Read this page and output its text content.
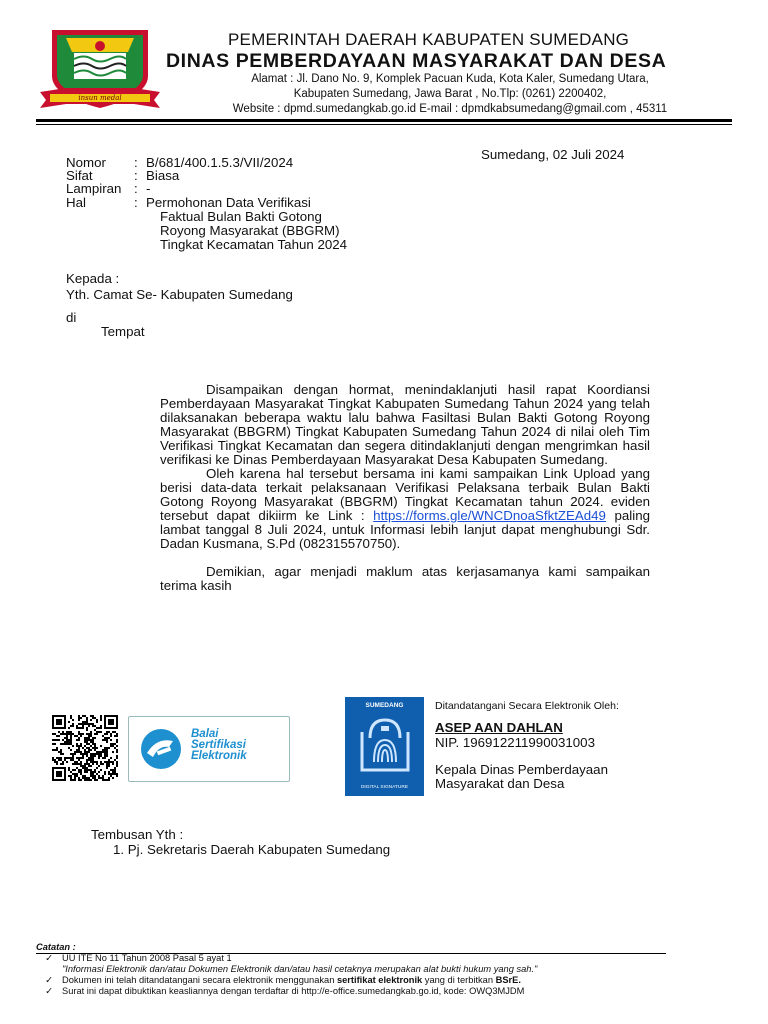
insun medal
PEMERINTAH DAERAH KABUPATEN SUMEDANG
DINAS PEMBERDAYAAN MASYARAKAT DAN DESA
Alamat : Jl. Dano No. 9, Komplek Pacuan Kuda, Kota Kaler, Sumedang Utara,
Kabupaten Sumedang, Jawa Barat , No.Tlp: (0261) 2200402,
Website : dpmd.sumedangkab.go.id E-mail : dpmdkabsumedang@gmail.com , 45311
Sumedang, 02 Juli 2024
Nomor : B/681/400.1.5.3/VII/2024
Sifat	: Biasa
Lampiran : -
Hal	: Permohonan Data Verifikasi
Faktual Bulan Bakti Gotong
Royong Masyarakat (BBGRM)
Tingkat Kecamatan Tahun 2024
Kepada :
Yth. Camat Se- Kabupaten Sumedang
di
Tempat

Disampaikan dengan hormat, menindaklanjuti hasil rapat Koordiansi Pemberdayaan Masyarakat Tingkat Kabupaten Sumedang Tahun 2024 yang telah dilaksanakan beberapa waktu lalu bahwa Fasiltasi Bulan Bakti Gotong Royong Masyarakat (BBGRM) Tingkat Kabupaten Sumedang Tahun 2024 di nilai oleh Tim Verifikasi Tingkat Kecamatan dan segera ditindaklanjuti dengan mengrimkan hasil verifikasi ke Dinas Pemberdayaan Masyarakat Desa Kabupaten Sumedang.

Oleh karena hal tersebut bersama ini kami sampaikan Link Upload yang berisi data-data terkait pelaksanaan Verifikasi Pelaksana terbaik Bulan Bakti Gotong Royong Masyarakat (BBGRM) Tingkat Kecamatan tahun 2024. eviden tersebut dapat dikiirm ke Link : https://forms.gle/WNCDnoaSfktZEAd49 paling lambat tanggal 8 Juli 2024, untuk Informasi lebih lanjut dapat menghubungi Sdr. Dadan Kusmana, S.Pd (082315570750).

Demikian, agar menjadi maklum atas kerjasamanya kami sampaikan terima kasih

Balai
Sertifikasi
Elektronik
SUMEDANG
DIGITAL SIGNATURE
Ditandatangani Secara Elektronik Oleh:
ASEP AAN DAHLAN
NIP. 196912211990031003
Kepala Dinas Pemberdayaan
Masyarakat dan Desa
Tembusan Yth :
1. Pj. Sekretaris Daerah Kabupaten Sumedang
Catatan :
✓ UU ITE No 11 Tahun 2008 Pasal 5 ayat 1
"Informasi Elektronik dan/atau Dokumen Elektronik dan/atau hasil cetaknya merupakan alat bukti hukum yang sah."
✓ Dokumen ini telah ditandatangani secara elektronik menggunakan sertifikat elektronik yang di terbitkan BSrE.
✓ Surat ini dapat dibuktikan keasliannya dengan terdaftar di http://e-office.sumedangkab.go.id, kode: OWQ3MJDM
